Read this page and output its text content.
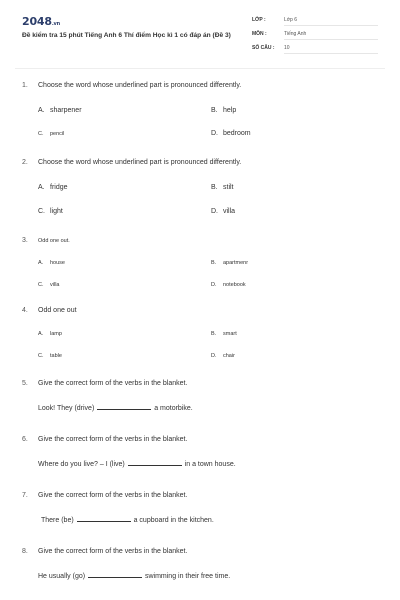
2048.vn
Đề kiểm tra 15 phút Tiếng Anh 6 Thí điểm Học kì 1 có đáp án (Đề 3)
LỚP :	Lớp 6
MÔN :	Tiếng Anh
SỐ CÂU : 10
1. Choose the word whose underlined part is pronounced differently.
A. sharpener	B. help
C. pencil	D. bedroom
2. Choose the word whose underlined part is pronounced differently.
A. fridge	B. stilt
C. light	D. villa
3. Odd one out.
A. house	B. apartmenr
C. villa	D. notebook
4. Odd one out
A. lamp	B. smart
C. table	D. chair
5. Give the correct form of the verbs in the blanket.
Look! They (drive)	a motorbike.
6. Give the correct form of the verbs in the blanket.
Where do you live? – I (live)	in a town house.
7. Give the correct form of the verbs in the blanket.
There (be)	a cupboard in the kitchen.
8. Give the correct form of the verbs in the blanket.
He usually (go)	swimming in their free time.
